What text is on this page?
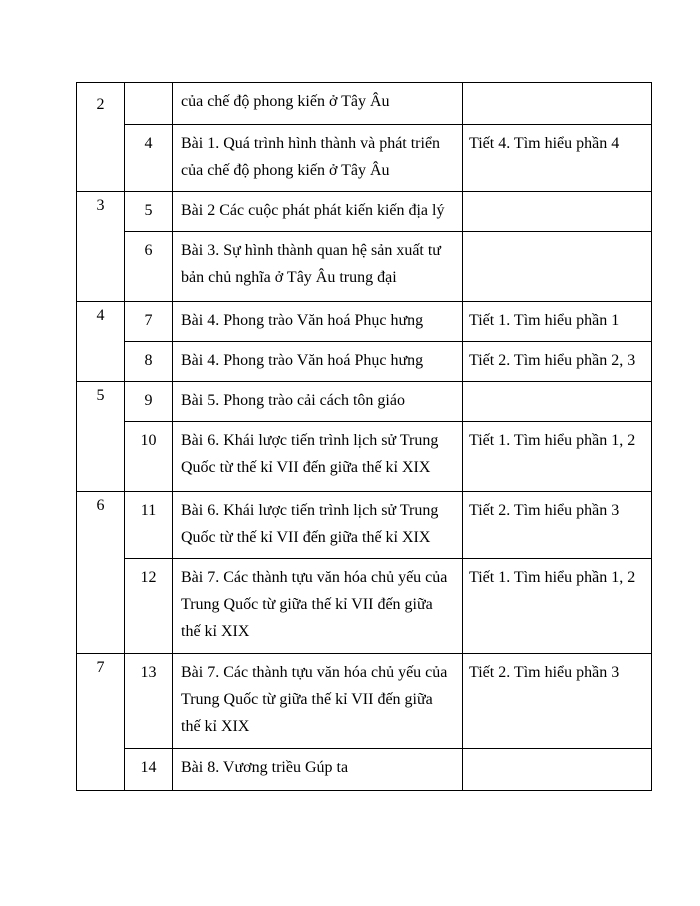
2		của chế độ phong kiến ở Tây Âu	

	4	Bài 1. Quá trình hình thành và phát triển của chế độ phong kiến ở Tây Âu	Tiết 4. Tìm hiểu phần 4

3	5	Bài 2 Các cuộc phát phát kiến kiến địa lý	

	6	Bài 3. Sự hình thành quan hệ sản xuất tư bản chủ nghĩa ở Tây Âu trung đại	

4	7	Bài 4. Phong trào Văn hoá Phục hưng	Tiết 1. Tìm hiểu phần 1

	8	Bài 4. Phong trào Văn hoá Phục hưng	Tiết 2. Tìm hiểu phần 2, 3

5	9	Bài 5. Phong trào cải cách tôn giáo	

	10	Bài 6. Khái lược tiến trình lịch sử Trung Quốc từ thế kỉ VII đến giữa thế kỉ XIX	Tiết 1. Tìm hiểu phần 1, 2

6	11	Bài 6. Khái lược tiến trình lịch sử Trung Quốc từ thế kỉ VII đến giữa thế kỉ XIX	Tiết 2. Tìm hiểu phần 3

	12	Bài 7. Các thành tựu văn hóa chủ yếu của Trung Quốc từ giữa thế kỉ VII đến giữa thế kỉ XIX	Tiết 1. Tìm hiểu phần 1, 2

7	13	Bài 7. Các thành tựu văn hóa chủ yếu của Trung Quốc từ giữa thế kỉ VII đến giữa thế kỉ XIX	Tiết 2. Tìm hiểu phần 3

	14	Bài 8. Vương triều Gúp ta	
